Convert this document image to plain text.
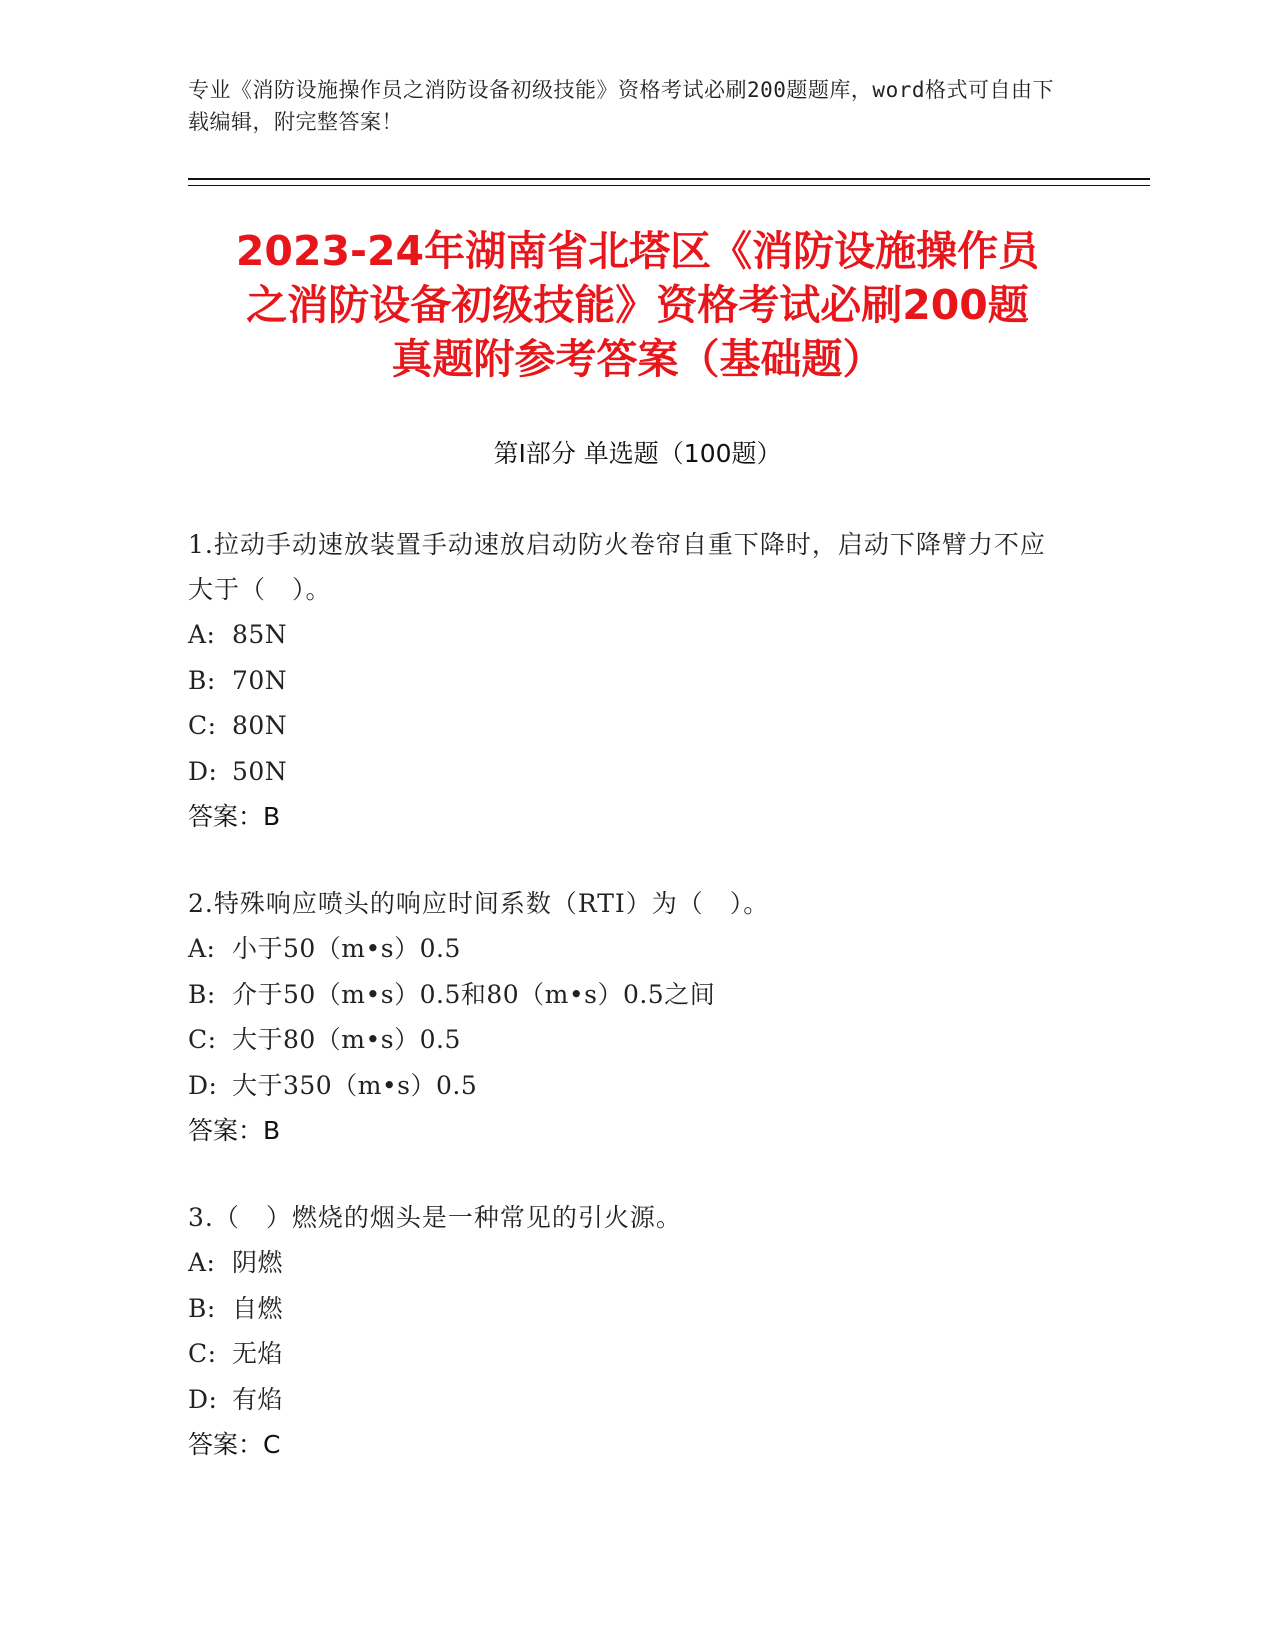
专业《消防设施操作员之消防设备初级技能》资格考试必刷200题题库，word格式可自由下载编辑，附完整答案！
2023-24年湖南省北塔区《消防设施操作员
之消防设备初级技能》资格考试必刷200题
真题附参考答案（基础题）
第Ⅰ部分 单选题（100题）
1.拉动手动速放装置手动速放启动防火卷帘自重下降时，启动下降臂力不应大于（　）。
A: 85N
B: 70N
C: 80N
D: 50N
答案：B
2.特殊响应喷头的响应时间系数（RTI）为（　）。
A: 小于50（m•s）0.5
B: 介于50（m•s）0.5和80（m•s）0.5之间
C: 大于80（m•s）0.5
D: 大于350（m•s）0.5
答案：B
3.（　）燃烧的烟头是一种常见的引火源。
A: 阴燃
B: 自燃
C: 无焰
D: 有焰
答案：C
